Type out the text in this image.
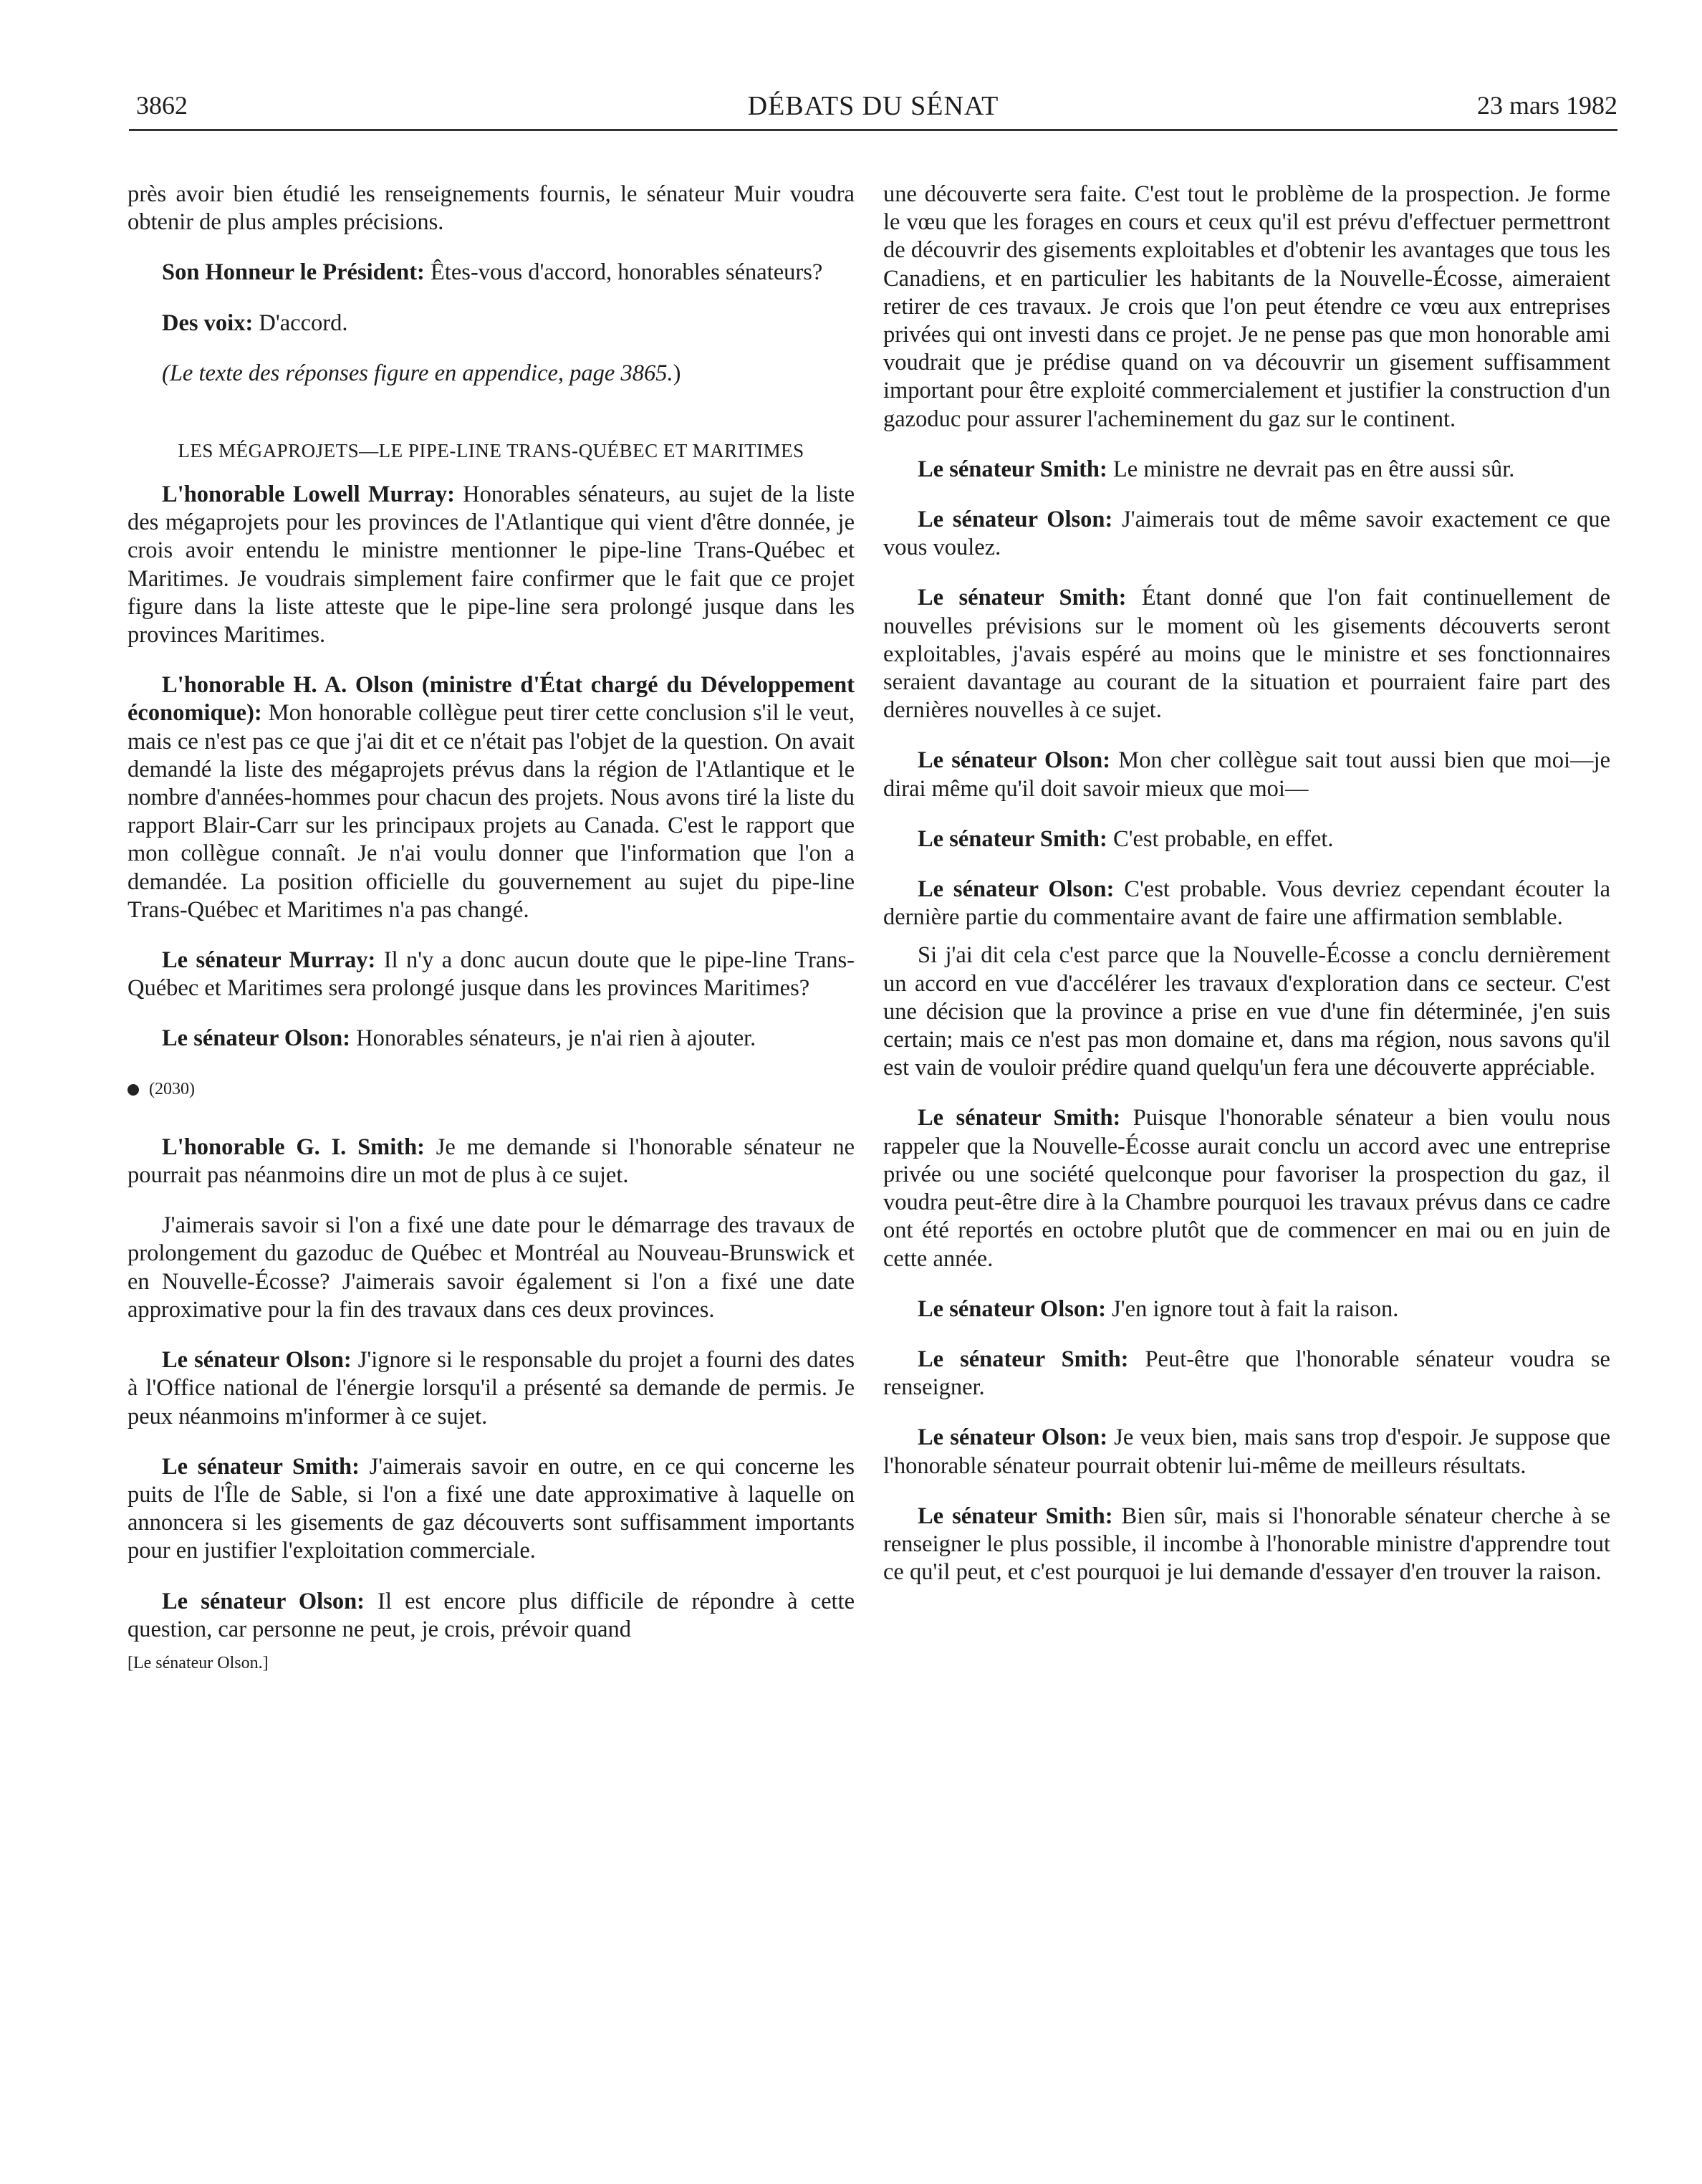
3862	DÉBATS DU SÉNAT	23 mars 1982

près avoir bien étudié les renseignements fournis, le sénateur Muir voudra obtenir de plus amples précisions.

Son Honneur le Président: Êtes-vous d'accord, honorables sénateurs?

Des voix: D'accord.

(Le texte des réponses figure en appendice, page 3865.)

LES MÉGAPROJETS—LE PIPE-LINE TRANS-QUÉBEC ET MARITIMES

L'honorable Lowell Murray: Honorables sénateurs, au sujet de la liste des mégaprojets pour les provinces de l'Atlantique qui vient d'être donnée, je crois avoir entendu le ministre mentionner le pipe-line Trans-Québec et Maritimes. Je voudrais simplement faire confirmer que le fait que ce projet figure dans la liste atteste que le pipe-line sera prolongé jusque dans les provinces Maritimes.

L'honorable H. A. Olson (ministre d'État chargé du Développement économique): Mon honorable collègue peut tirer cette conclusion s'il le veut, mais ce n'est pas ce que j'ai dit et ce n'était pas l'objet de la question. On avait demandé la liste des mégaprojets prévus dans la région de l'Atlantique et le nombre d'années-hommes pour chacun des projets. Nous avons tiré la liste du rapport Blair-Carr sur les principaux projets au Canada. C'est le rapport que mon collègue connaît. Je n'ai voulu donner que l'information que l'on a demandée. La position officielle du gouvernement au sujet du pipe-line Trans-Québec et Maritimes n'a pas changé.

Le sénateur Murray: Il n'y a donc aucun doute que le pipe-line Trans-Québec et Maritimes sera prolongé jusque dans les provinces Maritimes?

Le sénateur Olson: Honorables sénateurs, je n'ai rien à ajouter.

(2030)

L'honorable G. I. Smith: Je me demande si l'honorable sénateur ne pourrait pas néanmoins dire un mot de plus à ce sujet.

J'aimerais savoir si l'on a fixé une date pour le démarrage des travaux de prolongement du gazoduc de Québec et Montréal au Nouveau-Brunswick et en Nouvelle-Écosse? J'aimerais savoir également si l'on a fixé une date approximative pour la fin des travaux dans ces deux provinces.

Le sénateur Olson: J'ignore si le responsable du projet a fourni des dates à l'Office national de l'énergie lorsqu'il a présenté sa demande de permis. Je peux néanmoins m'informer à ce sujet.

Le sénateur Smith: J'aimerais savoir en outre, en ce qui concerne les puits de l'Île de Sable, si l'on a fixé une date approximative à laquelle on annoncera si les gisements de gaz découverts sont suffisamment importants pour en justifier l'exploitation commerciale.

Le sénateur Olson: Il est encore plus difficile de répondre à cette question, car personne ne peut, je crois, prévoir quand

[Le sénateur Olson.]

une découverte sera faite. C'est tout le problème de la prospection. Je forme le vœu que les forages en cours et ceux qu'il est prévu d'effectuer permettront de découvrir des gisements exploitables et d'obtenir les avantages que tous les Canadiens, et en particulier les habitants de la Nouvelle-Écosse, aimeraient retirer de ces travaux. Je crois que l'on peut étendre ce vœu aux entreprises privées qui ont investi dans ce projet. Je ne pense pas que mon honorable ami voudrait que je prédise quand on va découvrir un gisement suffisamment important pour être exploité commercialement et justifier la construction d'un gazoduc pour assurer l'acheminement du gaz sur le continent.

Le sénateur Smith: Le ministre ne devrait pas en être aussi sûr.

Le sénateur Olson: J'aimerais tout de même savoir exactement ce que vous voulez.

Le sénateur Smith: Étant donné que l'on fait continuellement de nouvelles prévisions sur le moment où les gisements découverts seront exploitables, j'avais espéré au moins que le ministre et ses fonctionnaires seraient davantage au courant de la situation et pourraient faire part des dernières nouvelles à ce sujet.

Le sénateur Olson: Mon cher collègue sait tout aussi bien que moi—je dirai même qu'il doit savoir mieux que moi—

Le sénateur Smith: C'est probable, en effet.

Le sénateur Olson: C'est probable. Vous devriez cependant écouter la dernière partie du commentaire avant de faire une affirmation semblable.

Si j'ai dit cela c'est parce que la Nouvelle-Écosse a conclu dernièrement un accord en vue d'accélérer les travaux d'exploration dans ce secteur. C'est une décision que la province a prise en vue d'une fin déterminée, j'en suis certain; mais ce n'est pas mon domaine et, dans ma région, nous savons qu'il est vain de vouloir prédire quand quelqu'un fera une découverte appréciable.

Le sénateur Smith: Puisque l'honorable sénateur a bien voulu nous rappeler que la Nouvelle-Écosse aurait conclu un accord avec une entreprise privée ou une société quelconque pour favoriser la prospection du gaz, il voudra peut-être dire à la Chambre pourquoi les travaux prévus dans ce cadre ont été reportés en octobre plutôt que de commencer en mai ou en juin de cette année.

Le sénateur Olson: J'en ignore tout à fait la raison.

Le sénateur Smith: Peut-être que l'honorable sénateur voudra se renseigner.

Le sénateur Olson: Je veux bien, mais sans trop d'espoir. Je suppose que l'honorable sénateur pourrait obtenir lui-même de meilleurs résultats.

Le sénateur Smith: Bien sûr, mais si l'honorable sénateur cherche à se renseigner le plus possible, il incombe à l'honorable ministre d'apprendre tout ce qu'il peut, et c'est pourquoi je lui demande d'essayer d'en trouver la raison.
